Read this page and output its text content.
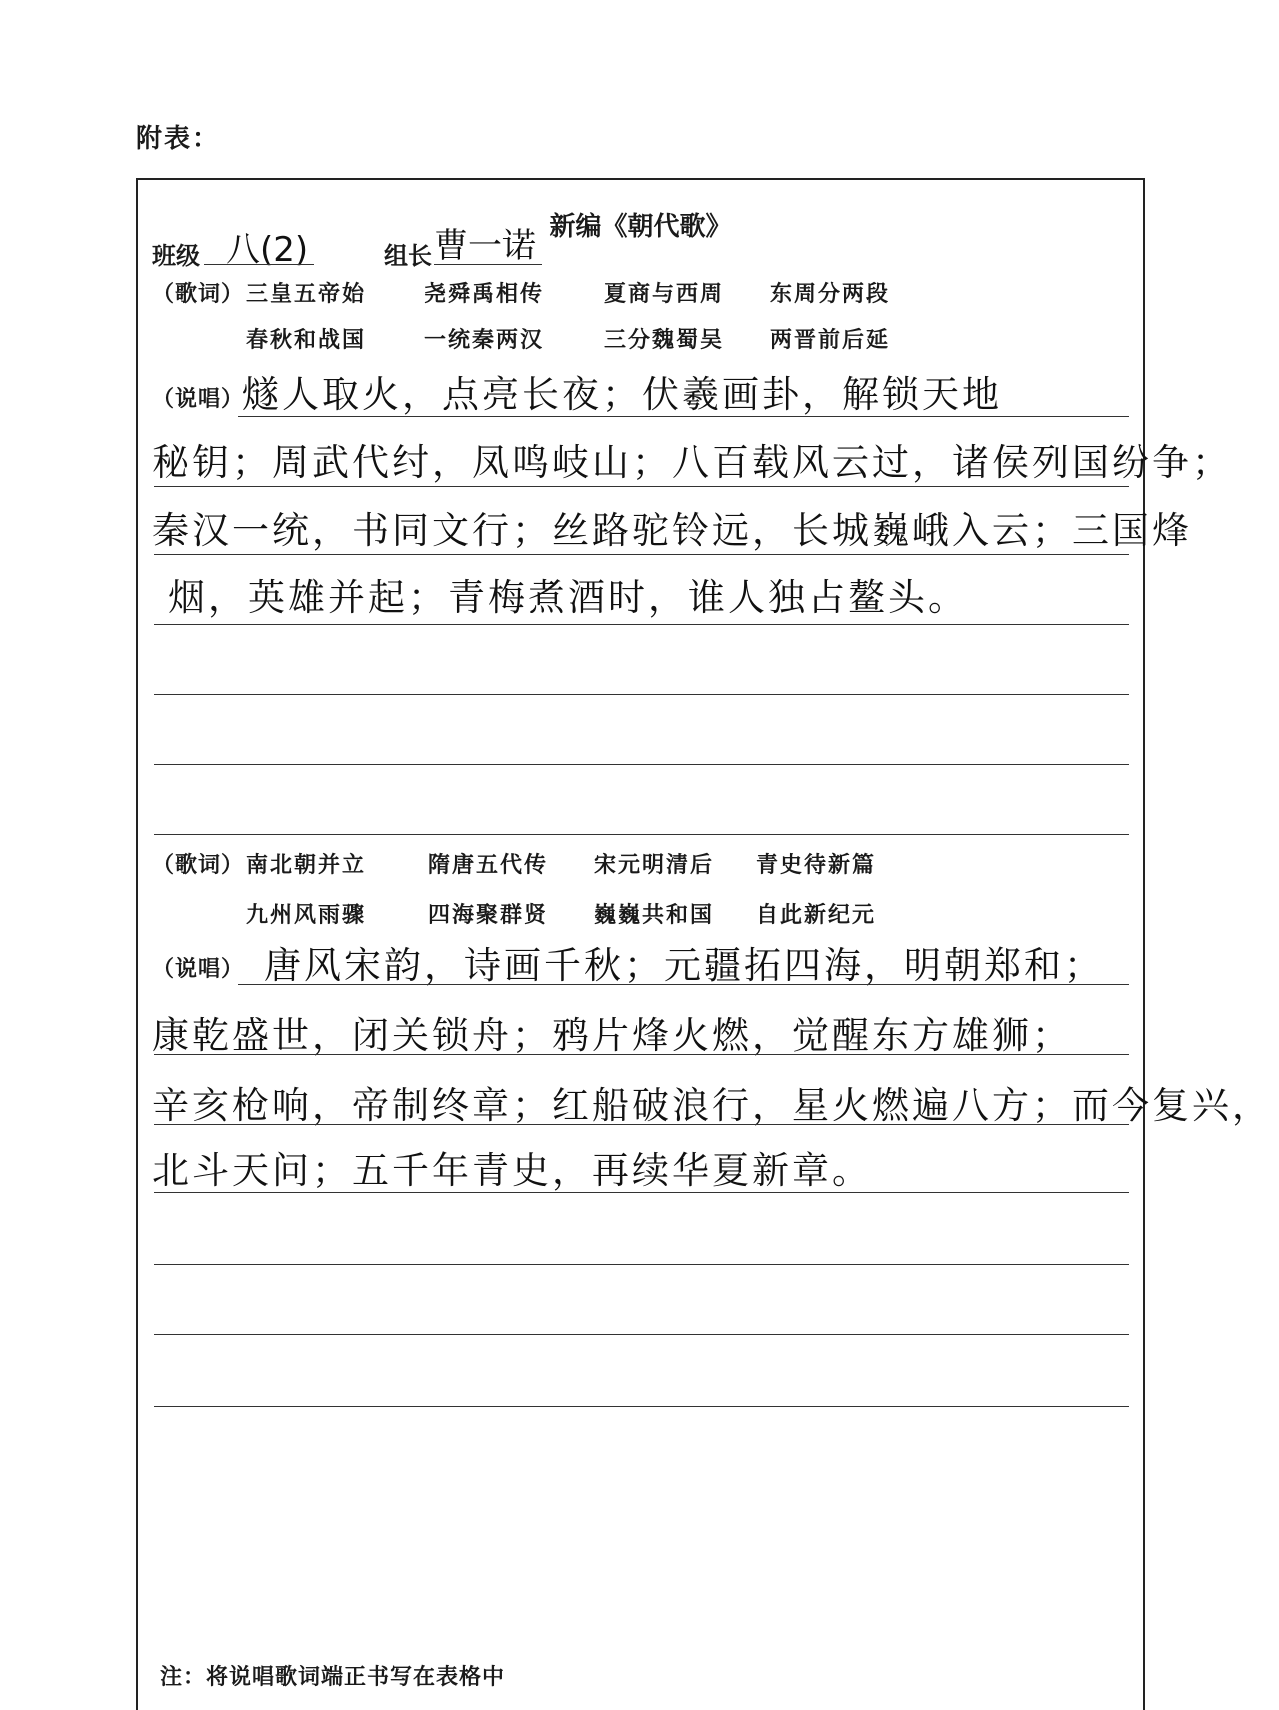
附表：
新编《朝代歌》
班级 八(2)	组长 曹一诺
（歌词） 三皇五帝始	尧舜禹相传	夏商与西周 东周分两段
春秋和战国	一统秦两汉	三分魏蜀吴 两晋前后延
（说唱）
燧人取火，点亮长夜；伏羲画卦，解锁天地
秘钥；周武代纣，凤鸣岐山；八百载风云过，诸侯列国纷争；
秦汉一统，书同文行；丝路驼铃远，长城巍峨入云；三国烽
烟，英雄并起；青梅煮酒时，谁人独占鳌头。
（歌词） 南北朝并立	隋唐五代传 宋元明清后 青史待新篇
九州风雨骤	四海聚群贤 巍巍共和国 自此新纪元
（说唱） 唐风宋韵，诗画千秋；元疆拓四海，明朝郑和；
康乾盛世，闭关锁舟；鸦片烽火燃，觉醒东方雄狮；
辛亥枪响，帝制终章；红船破浪行，星火燃遍八方；而今复兴，
北斗天问；五千年青史，再续华夏新章。
注：将说唱歌词端正书写在表格中
